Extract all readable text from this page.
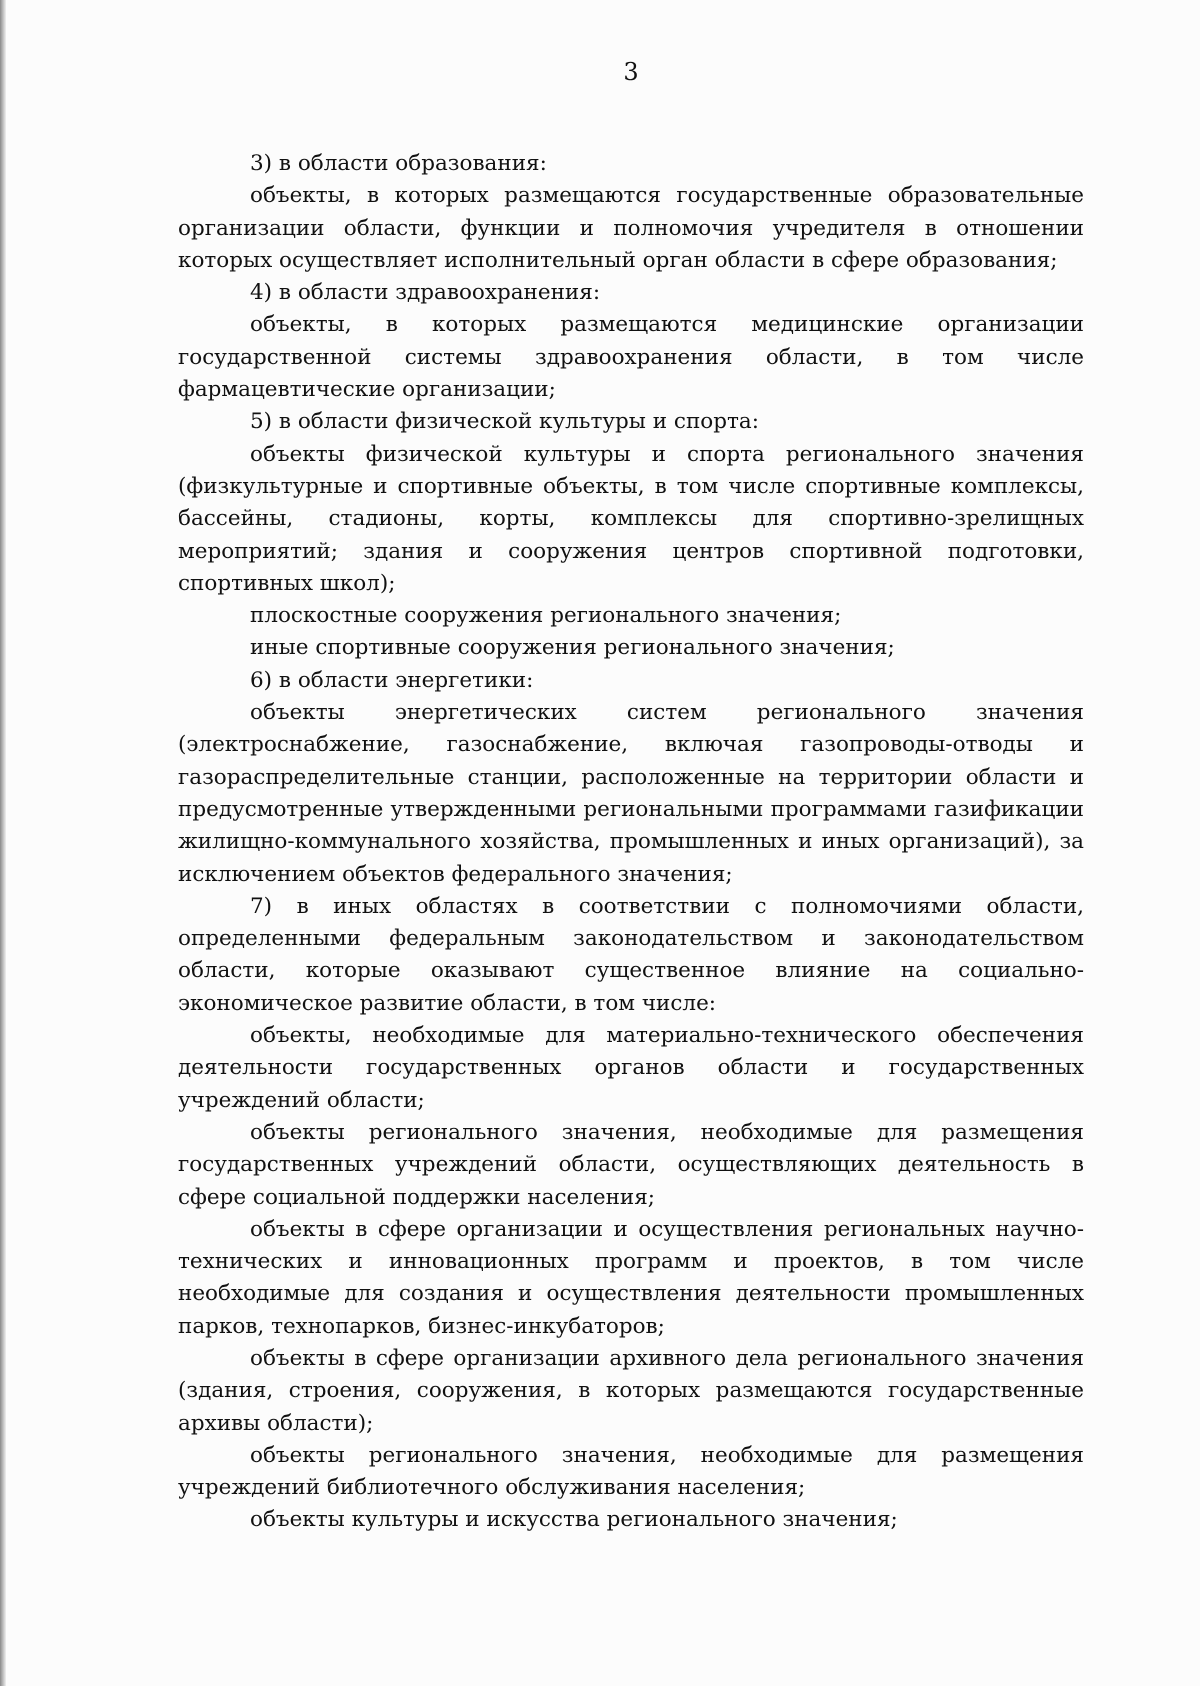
3

3) в области образования:

объекты, в которых размещаются государственные образовательные организации области, функции и полномочия учредителя в отношении которых осуществляет исполнительный орган области в сфере образования;

4) в области здравоохранения:

объекты, в которых размещаются медицинские организации государственной системы здравоохранения области, в том числе фармацевтические организации;

5) в области физической культуры и спорта:

объекты физической культуры и спорта регионального значения (физкультурные и спортивные объекты, в том числе спортивные комплексы, бассейны, стадионы, корты, комплексы для спортивно-зрелищных мероприятий; здания и сооружения центров спортивной подготовки, спортивных школ);

плоскостные сооружения регионального значения;

иные спортивные сооружения регионального значения;

6) в области энергетики:

объекты энергетических систем регионального значения (электроснабжение, газоснабжение, включая газопроводы-отводы и газораспределительные станции, расположенные на территории области и предусмотренные утвержденными региональными программами газификации жилищно-коммунального хозяйства, промышленных и иных организаций), за исключением объектов федерального значения;

7) в иных областях в соответствии с полномочиями области, определенными федеральным законодательством и законодательством области, которые оказывают существенное влияние на социально-экономическое развитие области, в том числе:

объекты, необходимые для материально-технического обеспечения деятельности государственных органов области и государственных учреждений области;

объекты регионального значения, необходимые для размещения государственных учреждений области, осуществляющих деятельность в сфере социальной поддержки населения;

объекты в сфере организации и осуществления региональных научно-технических и инновационных программ и проектов, в том числе необходимые для создания и осуществления деятельности промышленных парков, технопарков, бизнес-инкубаторов;

объекты в сфере организации архивного дела регионального значения (здания, строения, сооружения, в которых размещаются государственные архивы области);

объекты регионального значения, необходимые для размещения учреждений библиотечного обслуживания населения;

объекты культуры и искусства регионального значения;
